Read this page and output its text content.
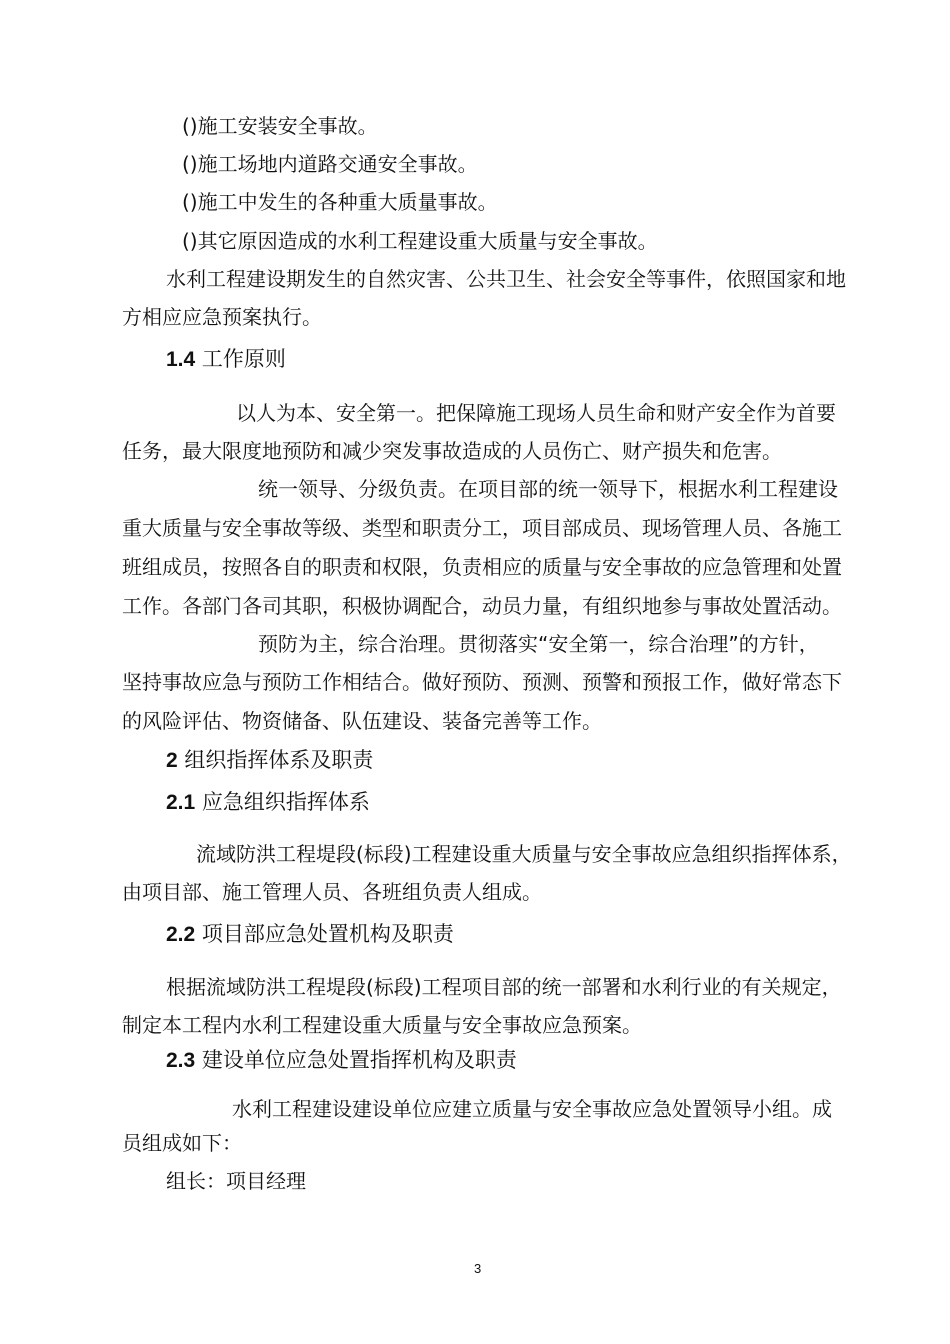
()施工安装安全事故。
()施工场地内道路交通安全事故。
()施工中发生的各种重大质量事故。
()其它原因造成的水利工程建设重大质量与安全事故。
水利工程建设期发生的自然灾害、公共卫生、社会安全等事件，依照国家和地
方相应应急预案执行。
1.4 工作原则
以人为本、安全第一。把保障施工现场人员生命和财产安全作为首要
任务，最大限度地预防和减少突发事故造成的人员伤亡、财产损失和危害。
统一领导、分级负责。在项目部的统一领导下，根据水利工程建设
重大质量与安全事故等级、类型和职责分工，项目部成员、现场管理人员、各施工
班组成员，按照各自的职责和权限，负责相应的质量与安全事故的应急管理和处置
工作。各部门各司其职，积极协调配合，动员力量，有组织地参与事故处置活动。
预防为主，综合治理。贯彻落实“安全第一，综合治理”的方针，
坚持事故应急与预防工作相结合。做好预防、预测、预警和预报工作，做好常态下
的风险评估、物资储备、队伍建设、装备完善等工作。
2 组织指挥体系及职责
2.1 应急组织指挥体系
流域防洪工程堤段(标段)工程建设重大质量与安全事故应急组织指挥体系，
由项目部、施工管理人员、各班组负责人组成。
2.2 项目部应急处置机构及职责
根据流域防洪工程堤段(标段)工程项目部的统一部署和水利行业的有关规定，
制定本工程内水利工程建设重大质量与安全事故应急预案。
2.3 建设单位应急处置指挥机构及职责
水利工程建设建设单位应建立质量与安全事故应急处置领导小组。成
员组成如下：
组长：项目经理
3
